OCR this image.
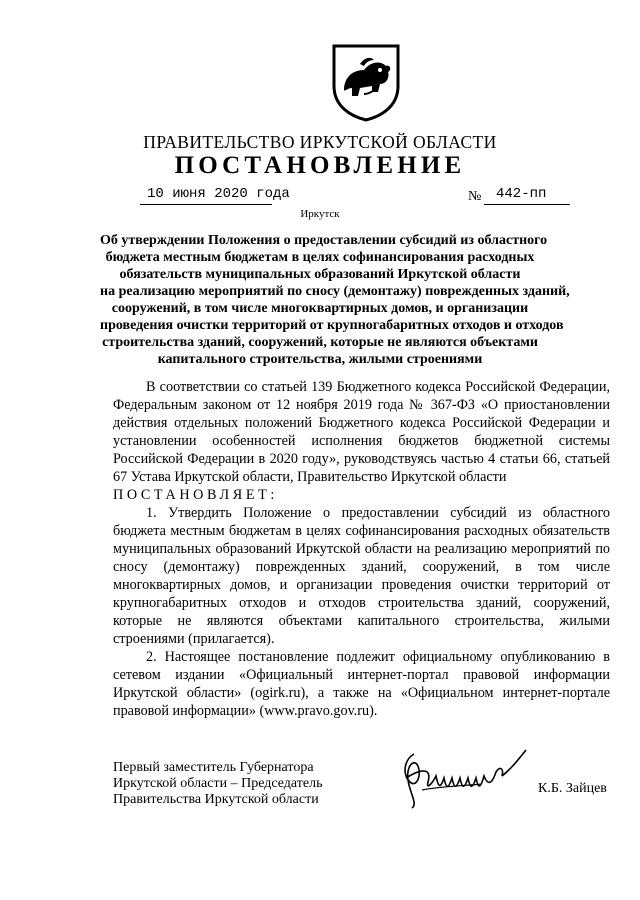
ПРАВИТЕЛЬСТВО ИРКУТСКОЙ ОБЛАСТИ
ПОСТАНОВЛЕНИЕ
10 июня 2020 года	№ 442-пп
Иркутск
Об утверждении Положения о предоставлении субсидий из областного
бюджета местным бюджетам в целях софинансирования расходных
обязательств муниципальных образований Иркутской области
на реализацию мероприятий по сносу (демонтажу) поврежденных зданий,
сооружений, в том числе многоквартирных домов, и организации
проведения очистки территорий от крупногабаритных отходов и отходов
строительства зданий, сооружений, которые не являются объектами
капитального строительства, жилыми строениями

В соответствии со статьей 139 Бюджетного кодекса Российской Федерации, Федеральным законом от 12 ноября 2019 года № 367-ФЗ «О приостановлении действия отдельных положений Бюджетного кодекса Российской Федерации и установлении особенностей исполнения бюджетов бюджетной системы Российской Федерации в 2020 году», руководствуясь частью 4 статьи 66, статьей 67 Устава Иркутской области, Правительство Иркутской области

ПОСТАНОВЛЯЕТ:

1. Утвердить Положение о предоставлении субсидий из областного бюджета местным бюджетам в целях софинансирования расходных обязательств муниципальных образований Иркутской области на реализацию мероприятий по сносу (демонтажу) поврежденных зданий, сооружений, в том числе многоквартирных домов, и организации проведения очистки территорий от крупногабаритных отходов и отходов строительства зданий, сооружений, которые не являются объектами капитального строительства, жилыми строениями (прилагается).

2. Настоящее постановление подлежит официальному опубликованию в сетевом издании «Официальный интернет-портал правовой информации Иркутской области» (ogirk.ru), а также на «Официальном интернет-портале правовой информации» (www.pravo.gov.ru).

Первый заместитель Губернатора
Иркутской области – Председатель
Правительства Иркутской области
К.Б. Зайцев
